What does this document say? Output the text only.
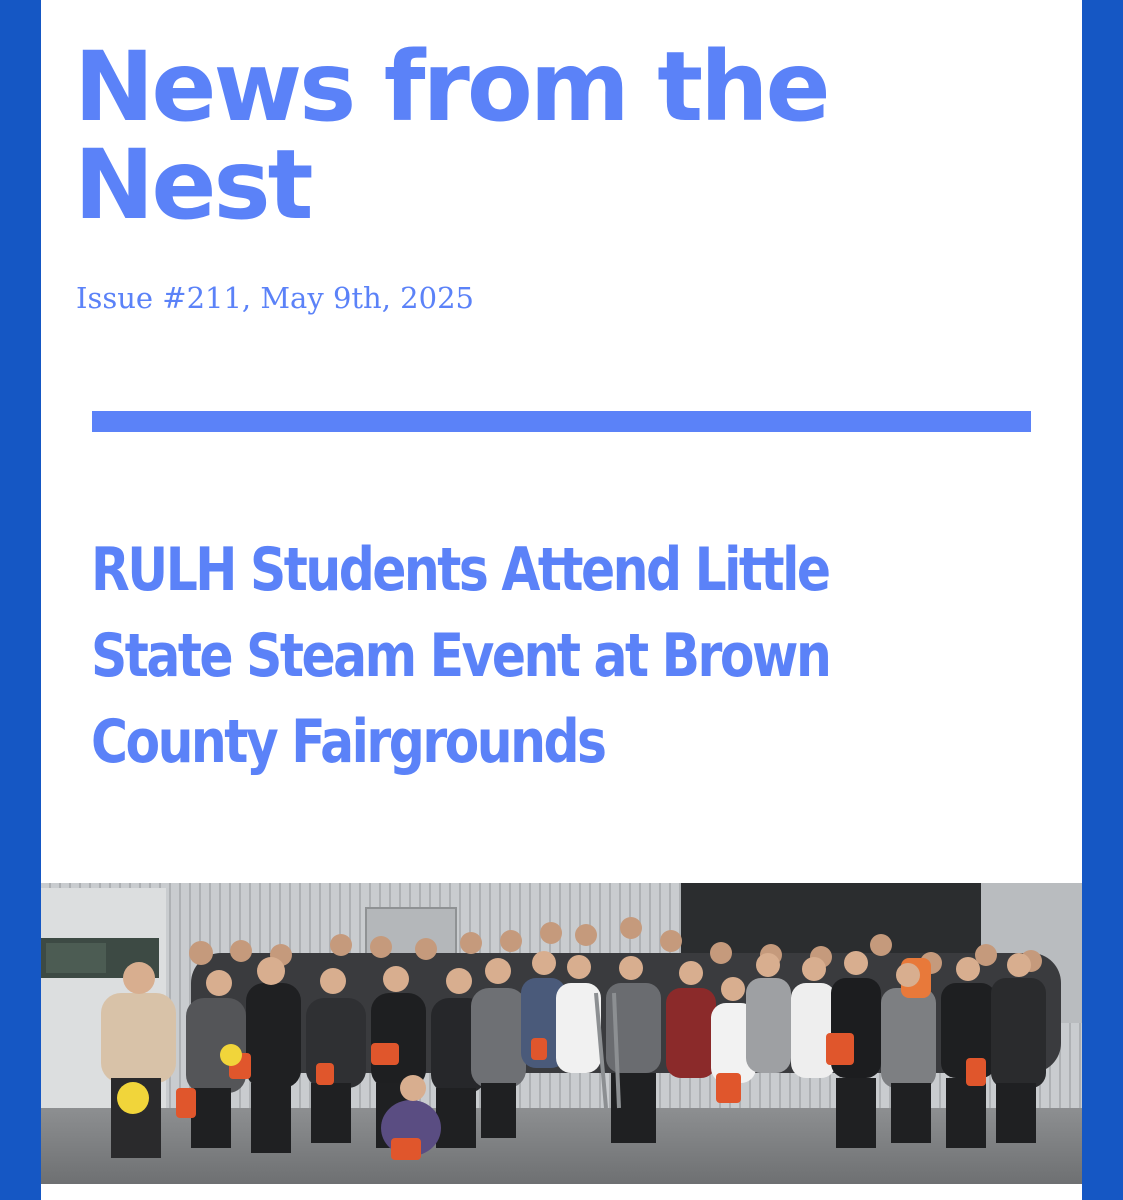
News from the Nest

Issue #211, May 9th, 2025

RULH Students Attend Little
State Steam Event at Brown
County Fairgrounds
